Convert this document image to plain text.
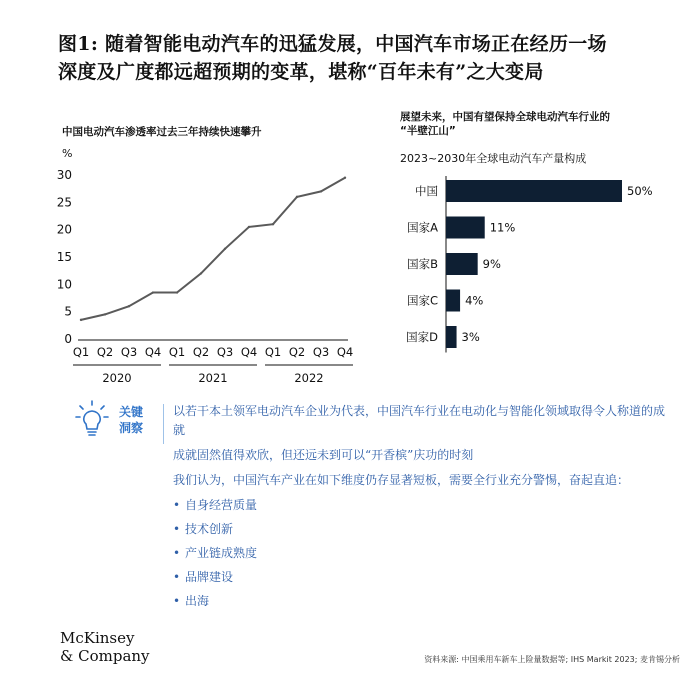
图1: 随着智能电动汽车的迅猛发展，中国汽车市场正在经历一场
深度及广度都远超预期的变革，堪称“百年未有”之大变局
中国电动汽车渗透率过去三年持续快速攀升
%
0
5
10
15
20
25
30
Q1 Q2 Q3 Q4 Q1 Q2 Q3 Q4 Q1 Q2 Q3 Q4
2020	2021	2022
展望未来，中国有望保持全球电动汽车行业的
“半壁江山”
2023~2030年全球电动汽车产量构成
中国	50%
国家A	11%
国家B	9%
国家C 4%
国家D 3%
关键
洞察

以若干本土领军电动汽车企业为代表，中国汽车行业在电动化与智能化领域取得令人称道的成就

成就固然值得欢欣，但还远未到可以“开香槟”庆功的时刻

我们认为，中国汽车产业在如下维度仍存显著短板，需要全行业充分警惕，奋起直追：

• 自身经营质量
• 技术创新
• 产业链成熟度
• 品牌建设
• 出海
McKinsey
& Company	资料来源: 中国乘用车新车上险量数据等; IHS Markit 2023; 麦肯锡分析
